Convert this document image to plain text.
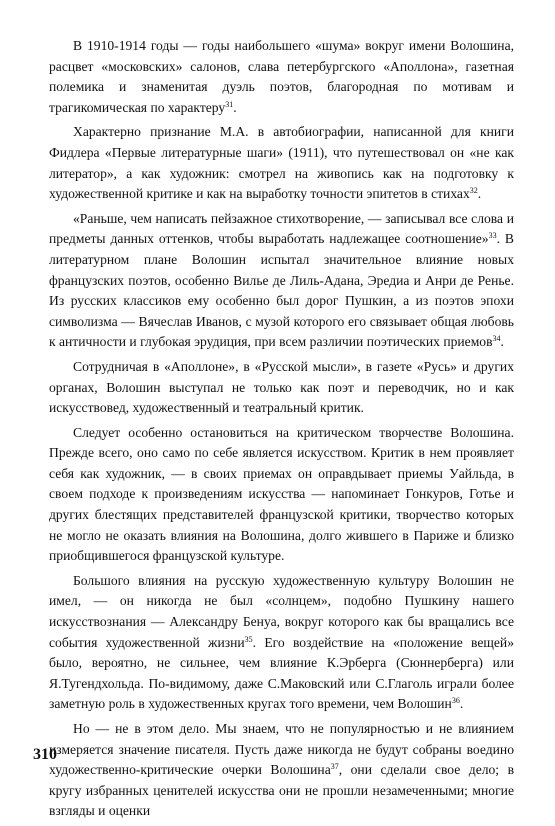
В 1910-1914 годы — годы наибольшего «шума» вокруг имени Волошина, расцвет «московских» салонов, слава петербургского «Аполлона», газетная полемика и знаменитая дуэль поэтов, благородная по мотивам и трагикомическая по характеру$^{31}$.

Характерно признание М.А. в автобиографии, написанной для книги Фидлера «Первые литературные шаги» (1911), что путешествовал он «не как литератор», а как художник: смотрел на живопись как на подготовку к художественной критике и как на выработку точности эпитетов в стихах$^{32}$.

«Раньше, чем написать пейзажное стихотворение, — записывал все слова и предметы данных оттенков, чтобы выработать надлежащее соотношение»$^{33}$. В литературном плане Волошин испытал значительное влияние новых французских поэтов, особенно Вилье де Лиль-Адана, Эредиа и Анри де Ренье. Из русских классиков ему особенно был дорог Пушкин, а из поэтов эпохи символизма — Вячеслав Иванов, с музой которого его связывает общая любовь к античности и глубокая эрудиция, при всем различии поэтических приемов$^{34}$.

Сотрудничая в «Аполлоне», в «Русской мысли», в газете «Русь» и других органах, Волошин выступал не только как поэт и переводчик, но и как искусствовед, художественный и театральный критик.

Следует особенно остановиться на критическом творчестве Волошина. Прежде всего, оно само по себе является искусством. Критик в нем проявляет себя как художник, — в своих приемах он оправдывает приемы Уайльда, в своем подходе к произведениям искусства — напоминает Гонкуров, Готье и других блестящих представителей французской критики, творчество которых не могло не оказать влияния на Волошина, долго жившего в Париже и близко приобщившегося французской культуре.

Большого влияния на русскую художественную культуру Волошин не имел, — он никогда не был «солнцем», подобно Пушкину нашего искусствознания — Александру Бенуа, вокруг которого как бы вращались все события художественной жизни$^{35}$. Его воздействие на «положение вещей» было, вероятно, не сильнее, чем влияние К.Эрберга (Сюннерберга) или Я.Тугендхольда. По-видимому, даже С.Маковский или С.Глаголь играли более заметную роль в художественных кругах того времени, чем Волошин$^{36}$.

Но — не в этом дело. Мы знаем, что не популярностью и не влиянием измеряется значение писателя. Пусть даже никогда не будут собраны воедино художественно-критические очерки Волошина$^{37}$, они сделали свое дело; в кругу избранных ценителей искусства они не прошли незамеченными; многие взгляды и оценки

310
